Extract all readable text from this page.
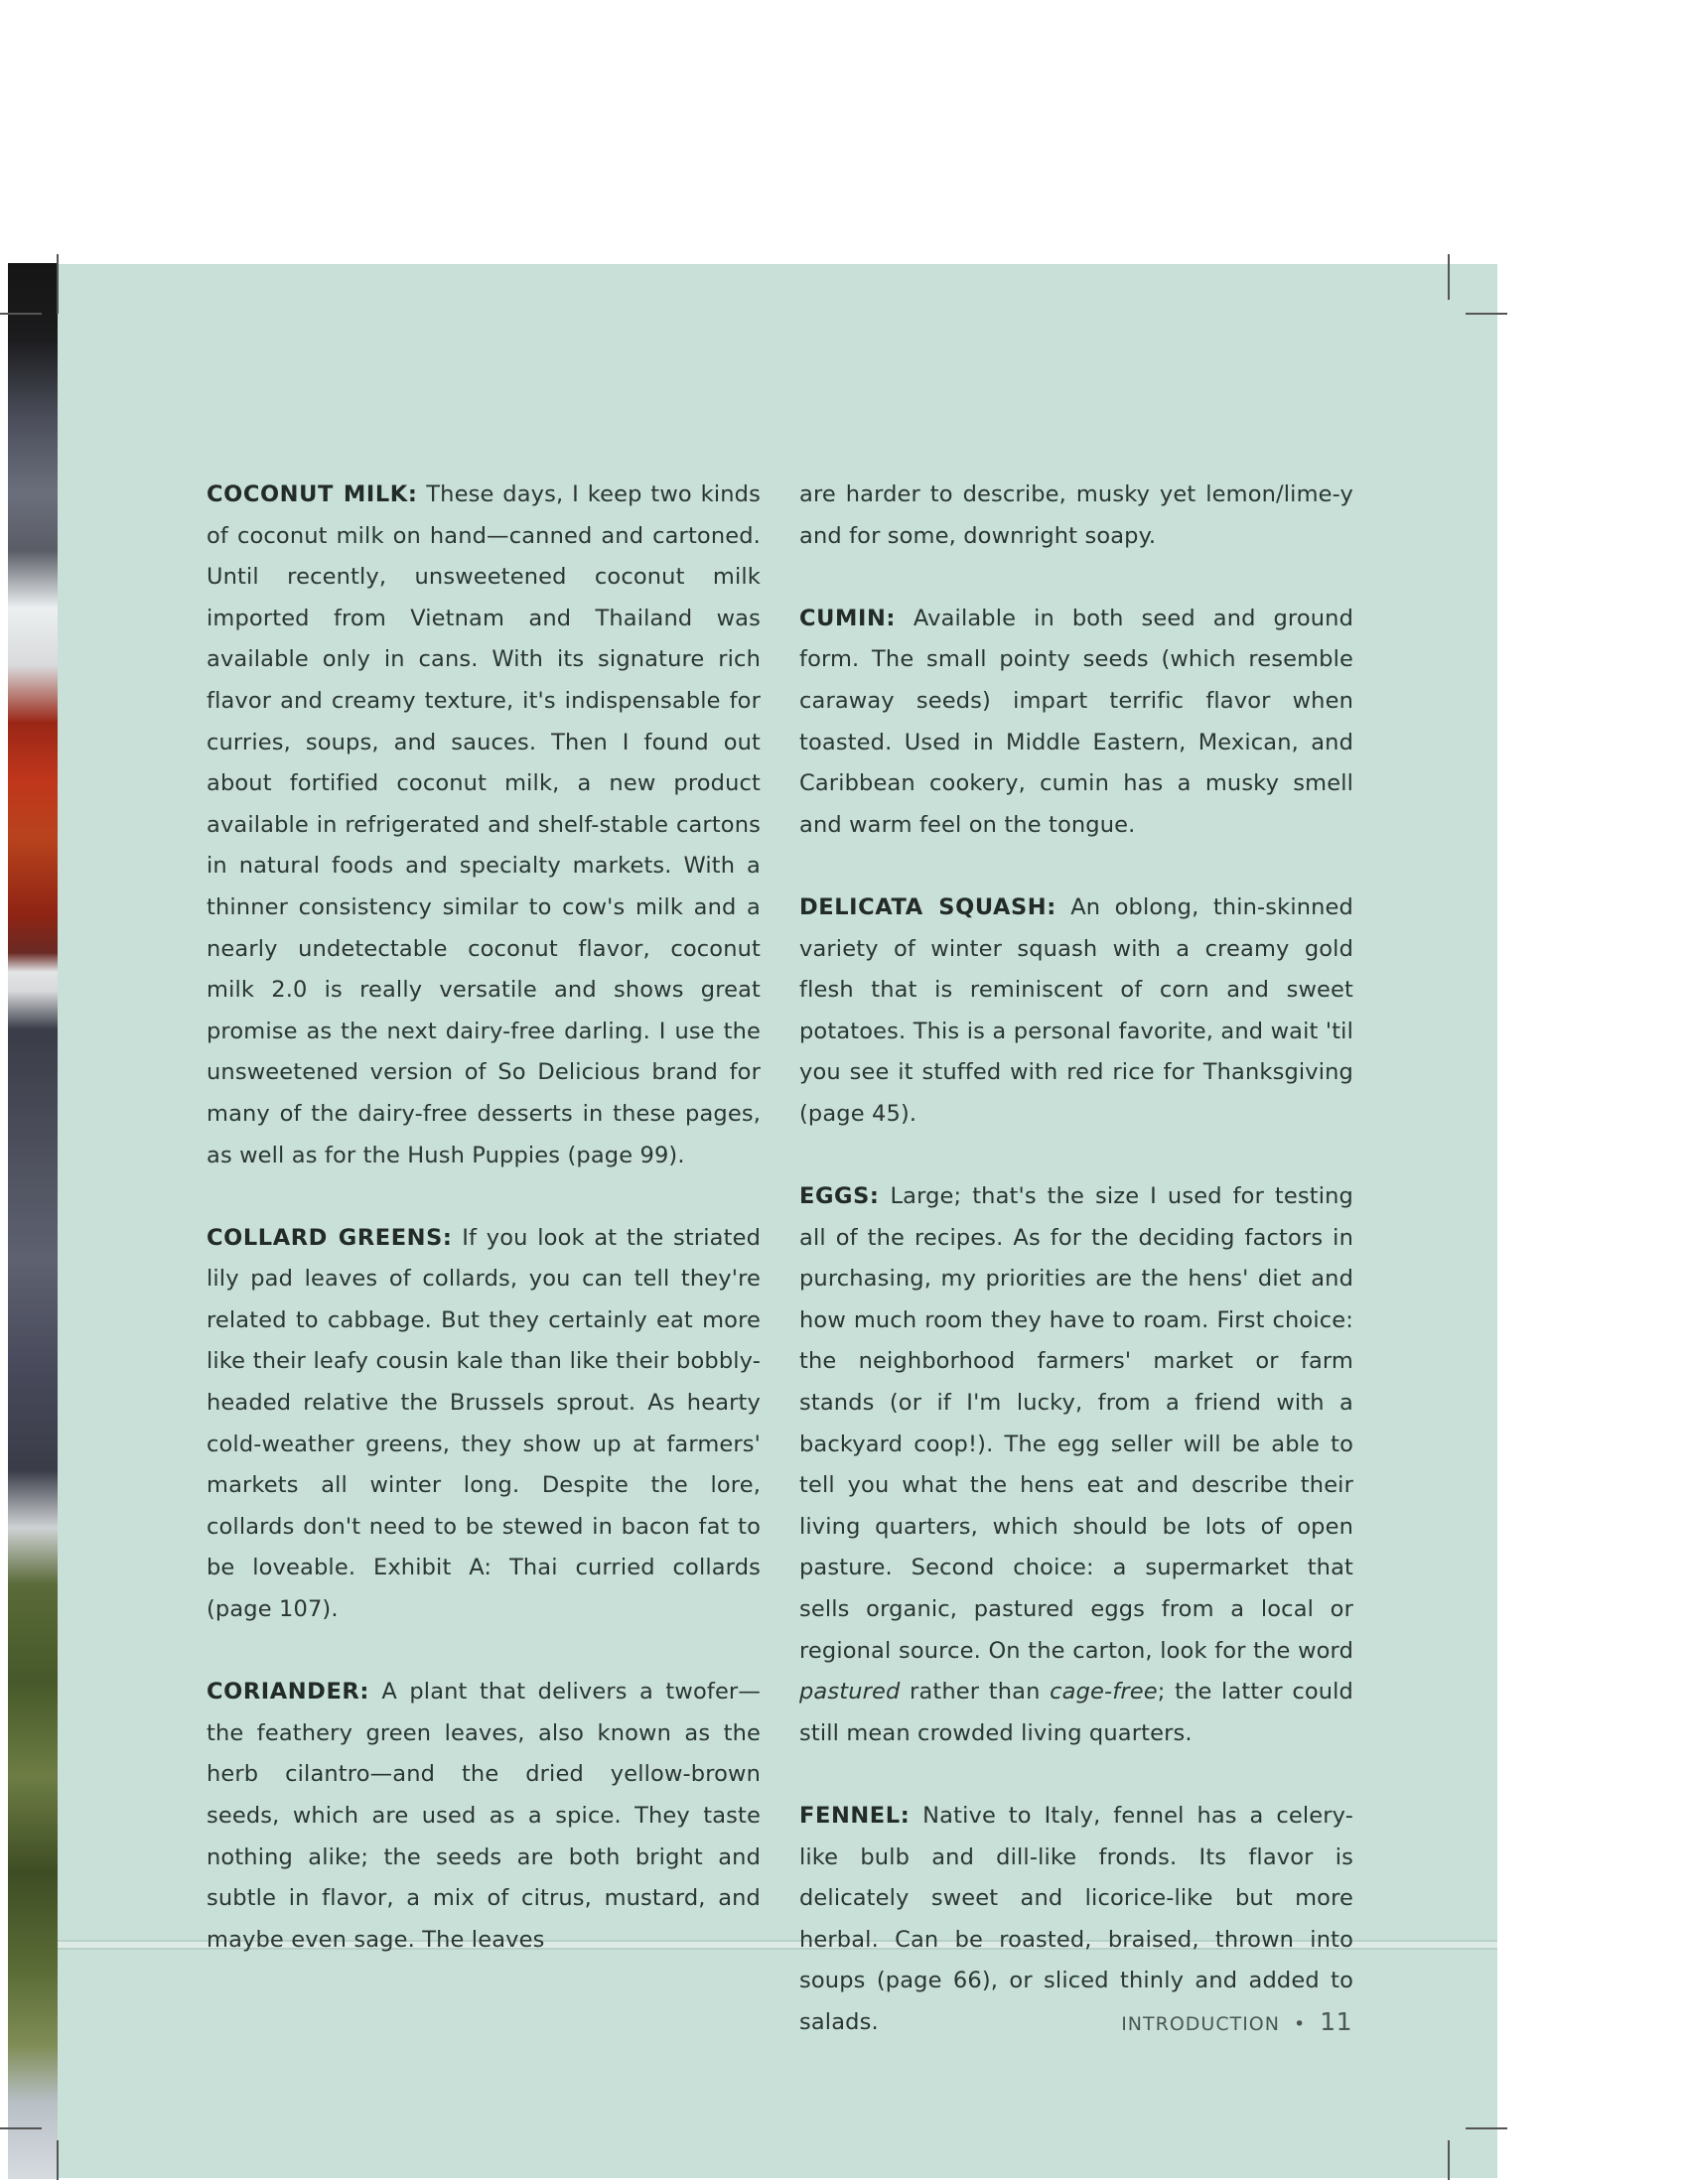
COCONUT MILK: These days, I keep two kinds of coconut milk on hand—canned and cartoned. Until recently, unsweetened coconut milk imported from Vietnam and Thailand was available only in cans. With its signature rich flavor and creamy texture, it's indispensable for curries, soups, and sauces. Then I found out about fortified coconut milk, a new product available in refrigerated and shelf-stable cartons in natural foods and specialty markets. With a thinner consistency similar to cow's milk and a nearly undetectable coconut flavor, coconut milk 2.0 is really versatile and shows great promise as the next dairy-free darling. I use the unsweetened version of So Delicious brand for many of the dairy-free desserts in these pages, as well as for the Hush Puppies (page 99).

COLLARD GREENS: If you look at the striated lily pad leaves of collards, you can tell they're related to cabbage. But they certainly eat more like their leafy cousin kale than like their bobbly-headed relative the Brussels sprout. As hearty cold-weather greens, they show up at farmers' markets all winter long. Despite the lore, collards don't need to be stewed in bacon fat to be loveable. Exhibit A: Thai curried collards (page 107).

CORIANDER: A plant that delivers a twofer—the feathery green leaves, also known as the herb cilantro—and the dried yellow-brown seeds, which are used as a spice. They taste nothing alike; the seeds are both bright and subtle in flavor, a mix of citrus, mustard, and maybe even sage. The leaves

are harder to describe, musky yet lemon/lime-y and for some, downright soapy.

CUMIN: Available in both seed and ground form. The small pointy seeds (which resemble caraway seeds) impart terrific flavor when toasted. Used in Middle Eastern, Mexican, and Caribbean cookery, cumin has a musky smell and warm feel on the tongue.

DELICATA SQUASH: An oblong, thin-skinned variety of winter squash with a creamy gold flesh that is reminiscent of corn and sweet potatoes. This is a personal favorite, and wait 'til you see it stuffed with red rice for Thanksgiving (page 45).

EGGS: Large; that's the size I used for testing all of the recipes. As for the deciding factors in purchasing, my priorities are the hens' diet and how much room they have to roam. First choice: the neighborhood farmers' market or farm stands (or if I'm lucky, from a friend with a backyard coop!). The egg seller will be able to tell you what the hens eat and describe their living quarters, which should be lots of open pasture. Second choice: a supermarket that sells organic, pastured eggs from a local or regional source. On the carton, look for the word pastured rather than cage-free; the latter could still mean crowded living quarters.

FENNEL: Native to Italy, fennel has a celery-like bulb and dill-like fronds. Its flavor is delicately sweet and licorice-like but more herbal. Can be roasted, braised, thrown into soups (page 66), or sliced thinly and added to salads.	INTRODUCTION • 11
